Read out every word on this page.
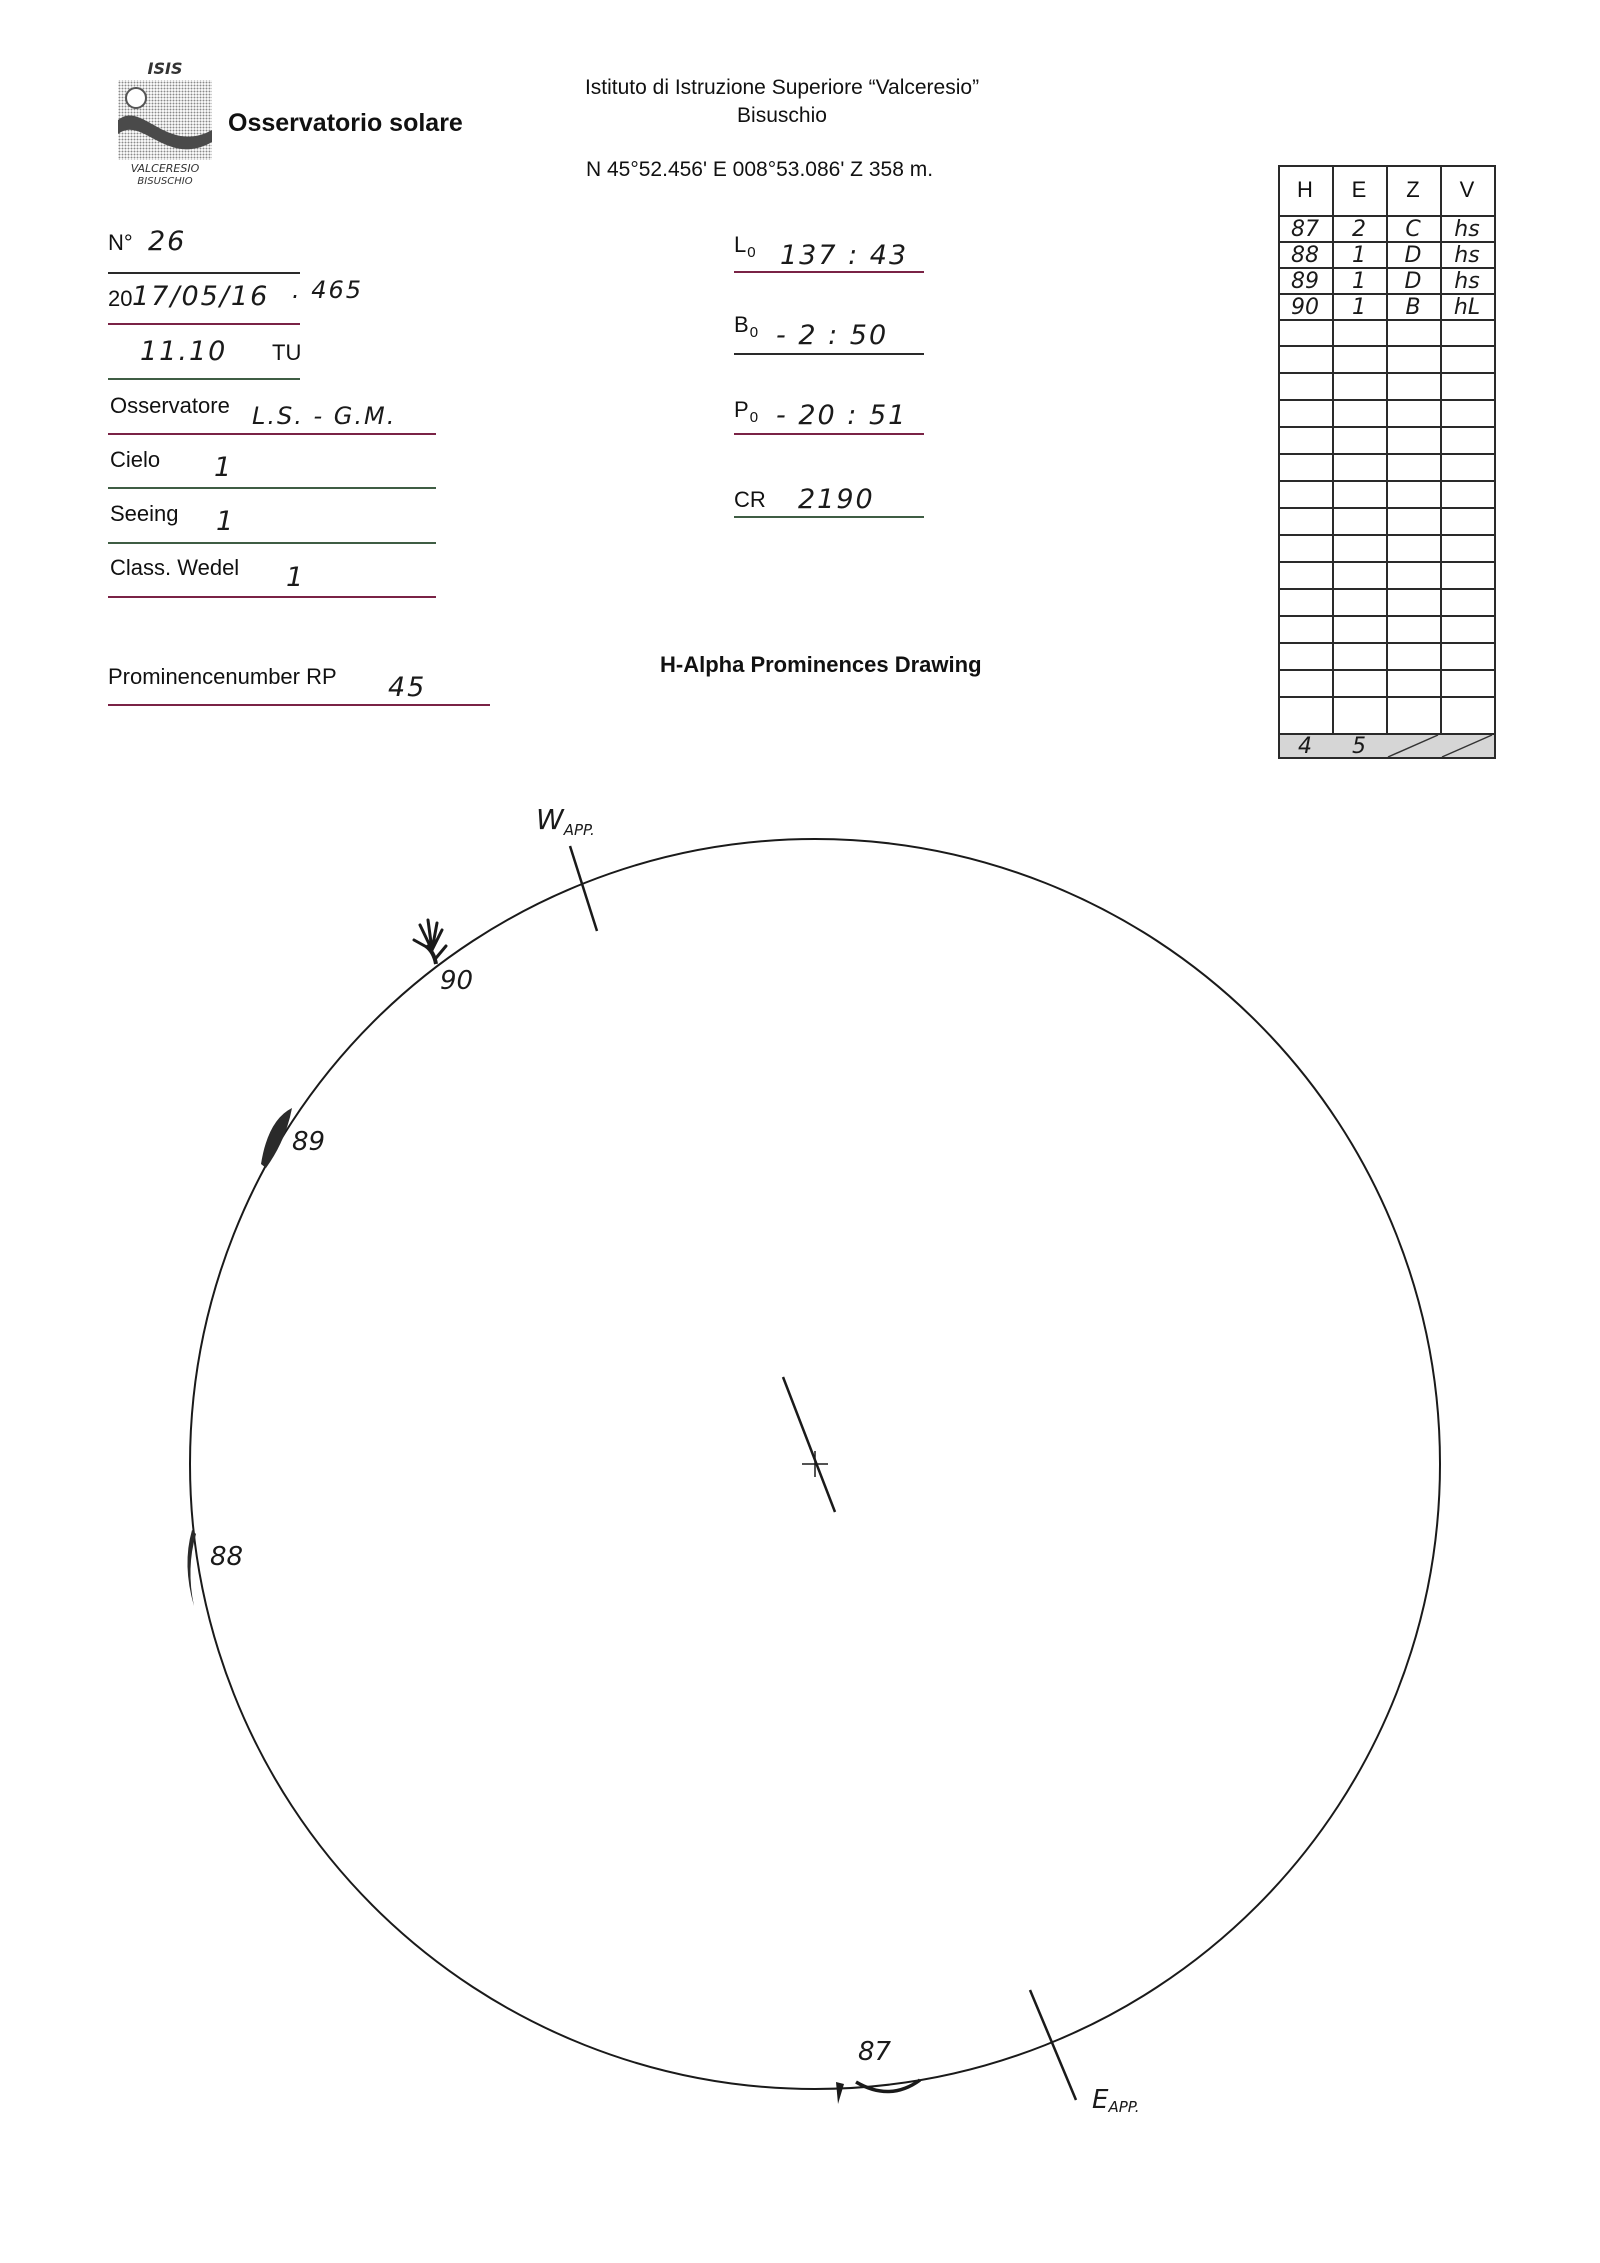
ISIS
VALCERESIO
BISUSCHIO
Osservatorio solare
Istituto di Istruzione Superiore “Valceresio”
Bisuschio
N 45°52.456' E 008°53.086' Z 358 m.
N° 26
20 17/05/16 . 465
11.10 TU
Osservatore L.S. - G.M.
Cielo 1
Seeing 1
Class. Wedel 1
Prominencenumber RP 45
$L_0$ 137 : 43
$B_0 - 2$ : 50
$P_0 - 20$ : 51
CR 2190
H-Alpha Prominences Drawing
H	E	Z	V
87	2	C	hs
88	1	D	hs
89	1	D	hs
90	1	B	hL
4	5
$W_{APP.}$
EAPP.
90
89
88
87
